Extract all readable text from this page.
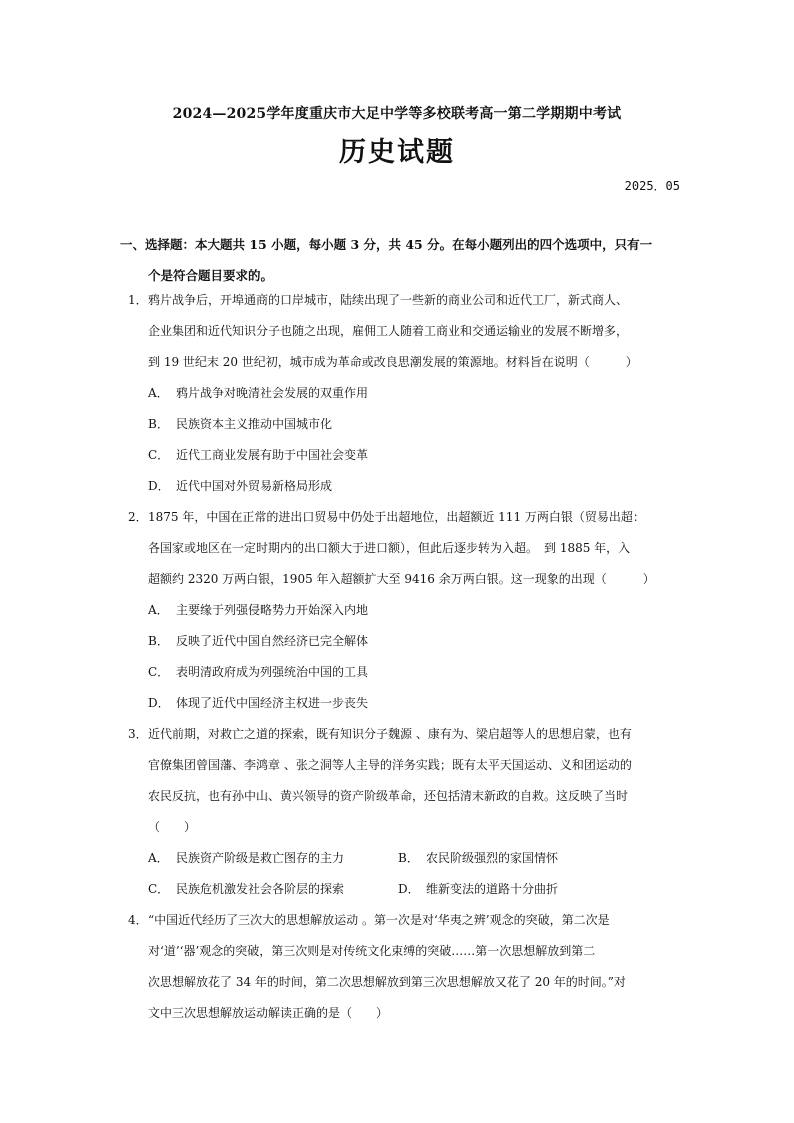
2024—2025学年度重庆市大足中学等多校联考高一第二学期期中考试
历史试题
2025．05
一、选择题：本大题共 15 小题，每小题 3 分，共 45 分。在每小题列出的四个选项中，只有一
个是符合题目要求的。
1．鸦片战争后，开埠通商的口岸城市，陆续出现了一些新的商业公司和近代工厂，新式商人、
企业集团和近代知识分子也随之出现，雇佣工人随着工商业和交通运输业的发展不断增多，
到 19 世纪末 20 世纪初，城市成为革命或改良思潮发展的策源地。材料旨在说明（　　　）
A． 鸦片战争对晚清社会发展的双重作用
B． 民族资本主义推动中国城市化
C． 近代工商业发展有助于中国社会变革
D． 近代中国对外贸易新格局形成
2．1875 年，中国在正常的进出口贸易中仍处于出超地位，出超额近 111 万两白银（贸易出超：
各国家或地区在一定时期内的出口额大于进口额），但此后逐步转为入超。　到 1885 年，入
超额约 2320 万两白银，1905 年入超额扩大至 9416 余万两白银。这一现象的出现（　　　）
A． 主要缘于列强侵略势力开始深入内地
B． 反映了近代中国自然经济已完全解体
C． 表明清政府成为列强统治中国的工具
D． 体现了近代中国经济主权进一步丧失
3．近代前期，对救亡之道的探索，既有知识分子魏源 、康有为、梁启超等人的思想启蒙，也有
官僚集团曾国藩、李鸿章 、张之洞等人主导的洋务实践；既有太平天国运动、义和团运动的
农民反抗，也有孙中山、黄兴领导的资产阶级革命，还包括清末新政的自救。这反映了当时
（　　）
A． 民族资产阶级是救亡图存的主力	B． 农民阶级强烈的家国情怀
C． 民族危机激发社会各阶层的探索	D． 维新变法的道路十分曲折
4．“中国近代经历了三次大的思想解放运动 。第一次是对‘华夷之辨’观念的突破，第二次是
对‘道’‘器’观念的突破，第三次则是对传统文化束缚的突破……第一次思想解放到第二
次思想解放花了 34 年的时间，第二次思想解放到第三次思想解放又花了 20 年的时间。”对
文中三次思想解放运动解读正确的是（　　）
